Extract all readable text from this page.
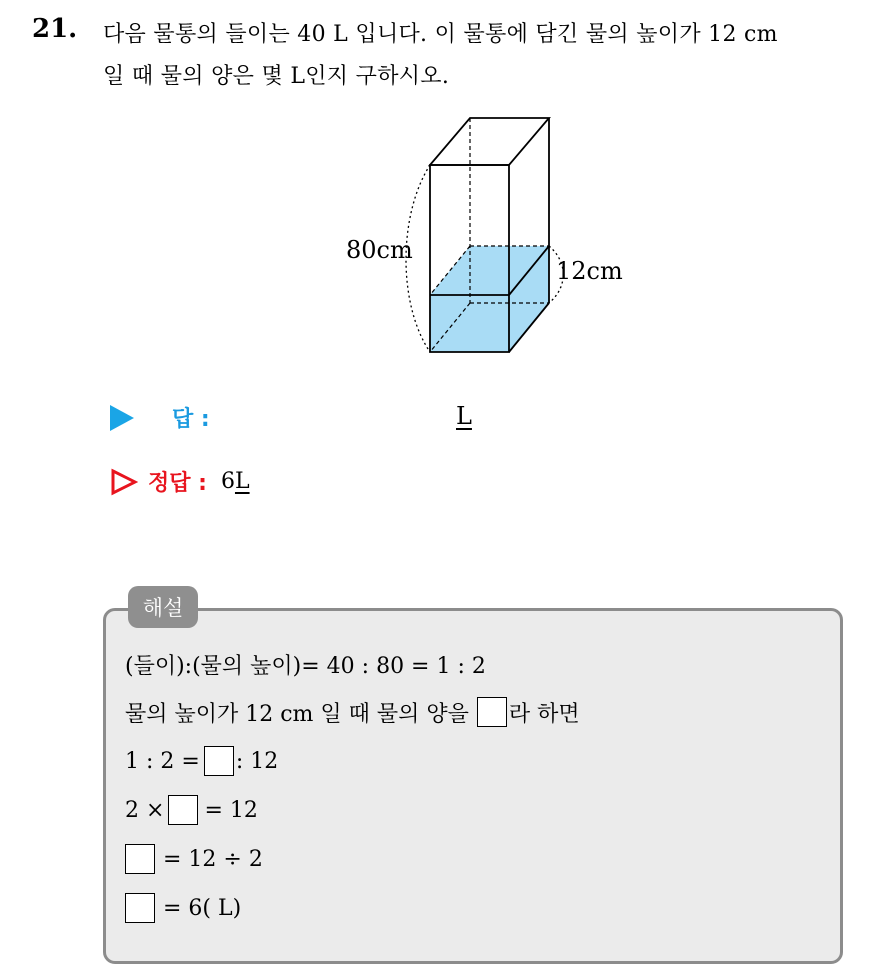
21. 다음 물통의 들이는 40 L 입니다. 이 물통에 담긴 물의 높이가 12 cm
일 때 물의 양은 몇 L인지 구하시오.
80cm
12cm
답 :	L
정답 : 6L
해설
(들이):(물의 높이)= 40 : 80 = 1 : 2
물의 높이가 12 cm 일 때 물의 양을 라 하면
1 : 2 = : 12
2 × = 12
= 12 ÷ 2
= 6( L)
